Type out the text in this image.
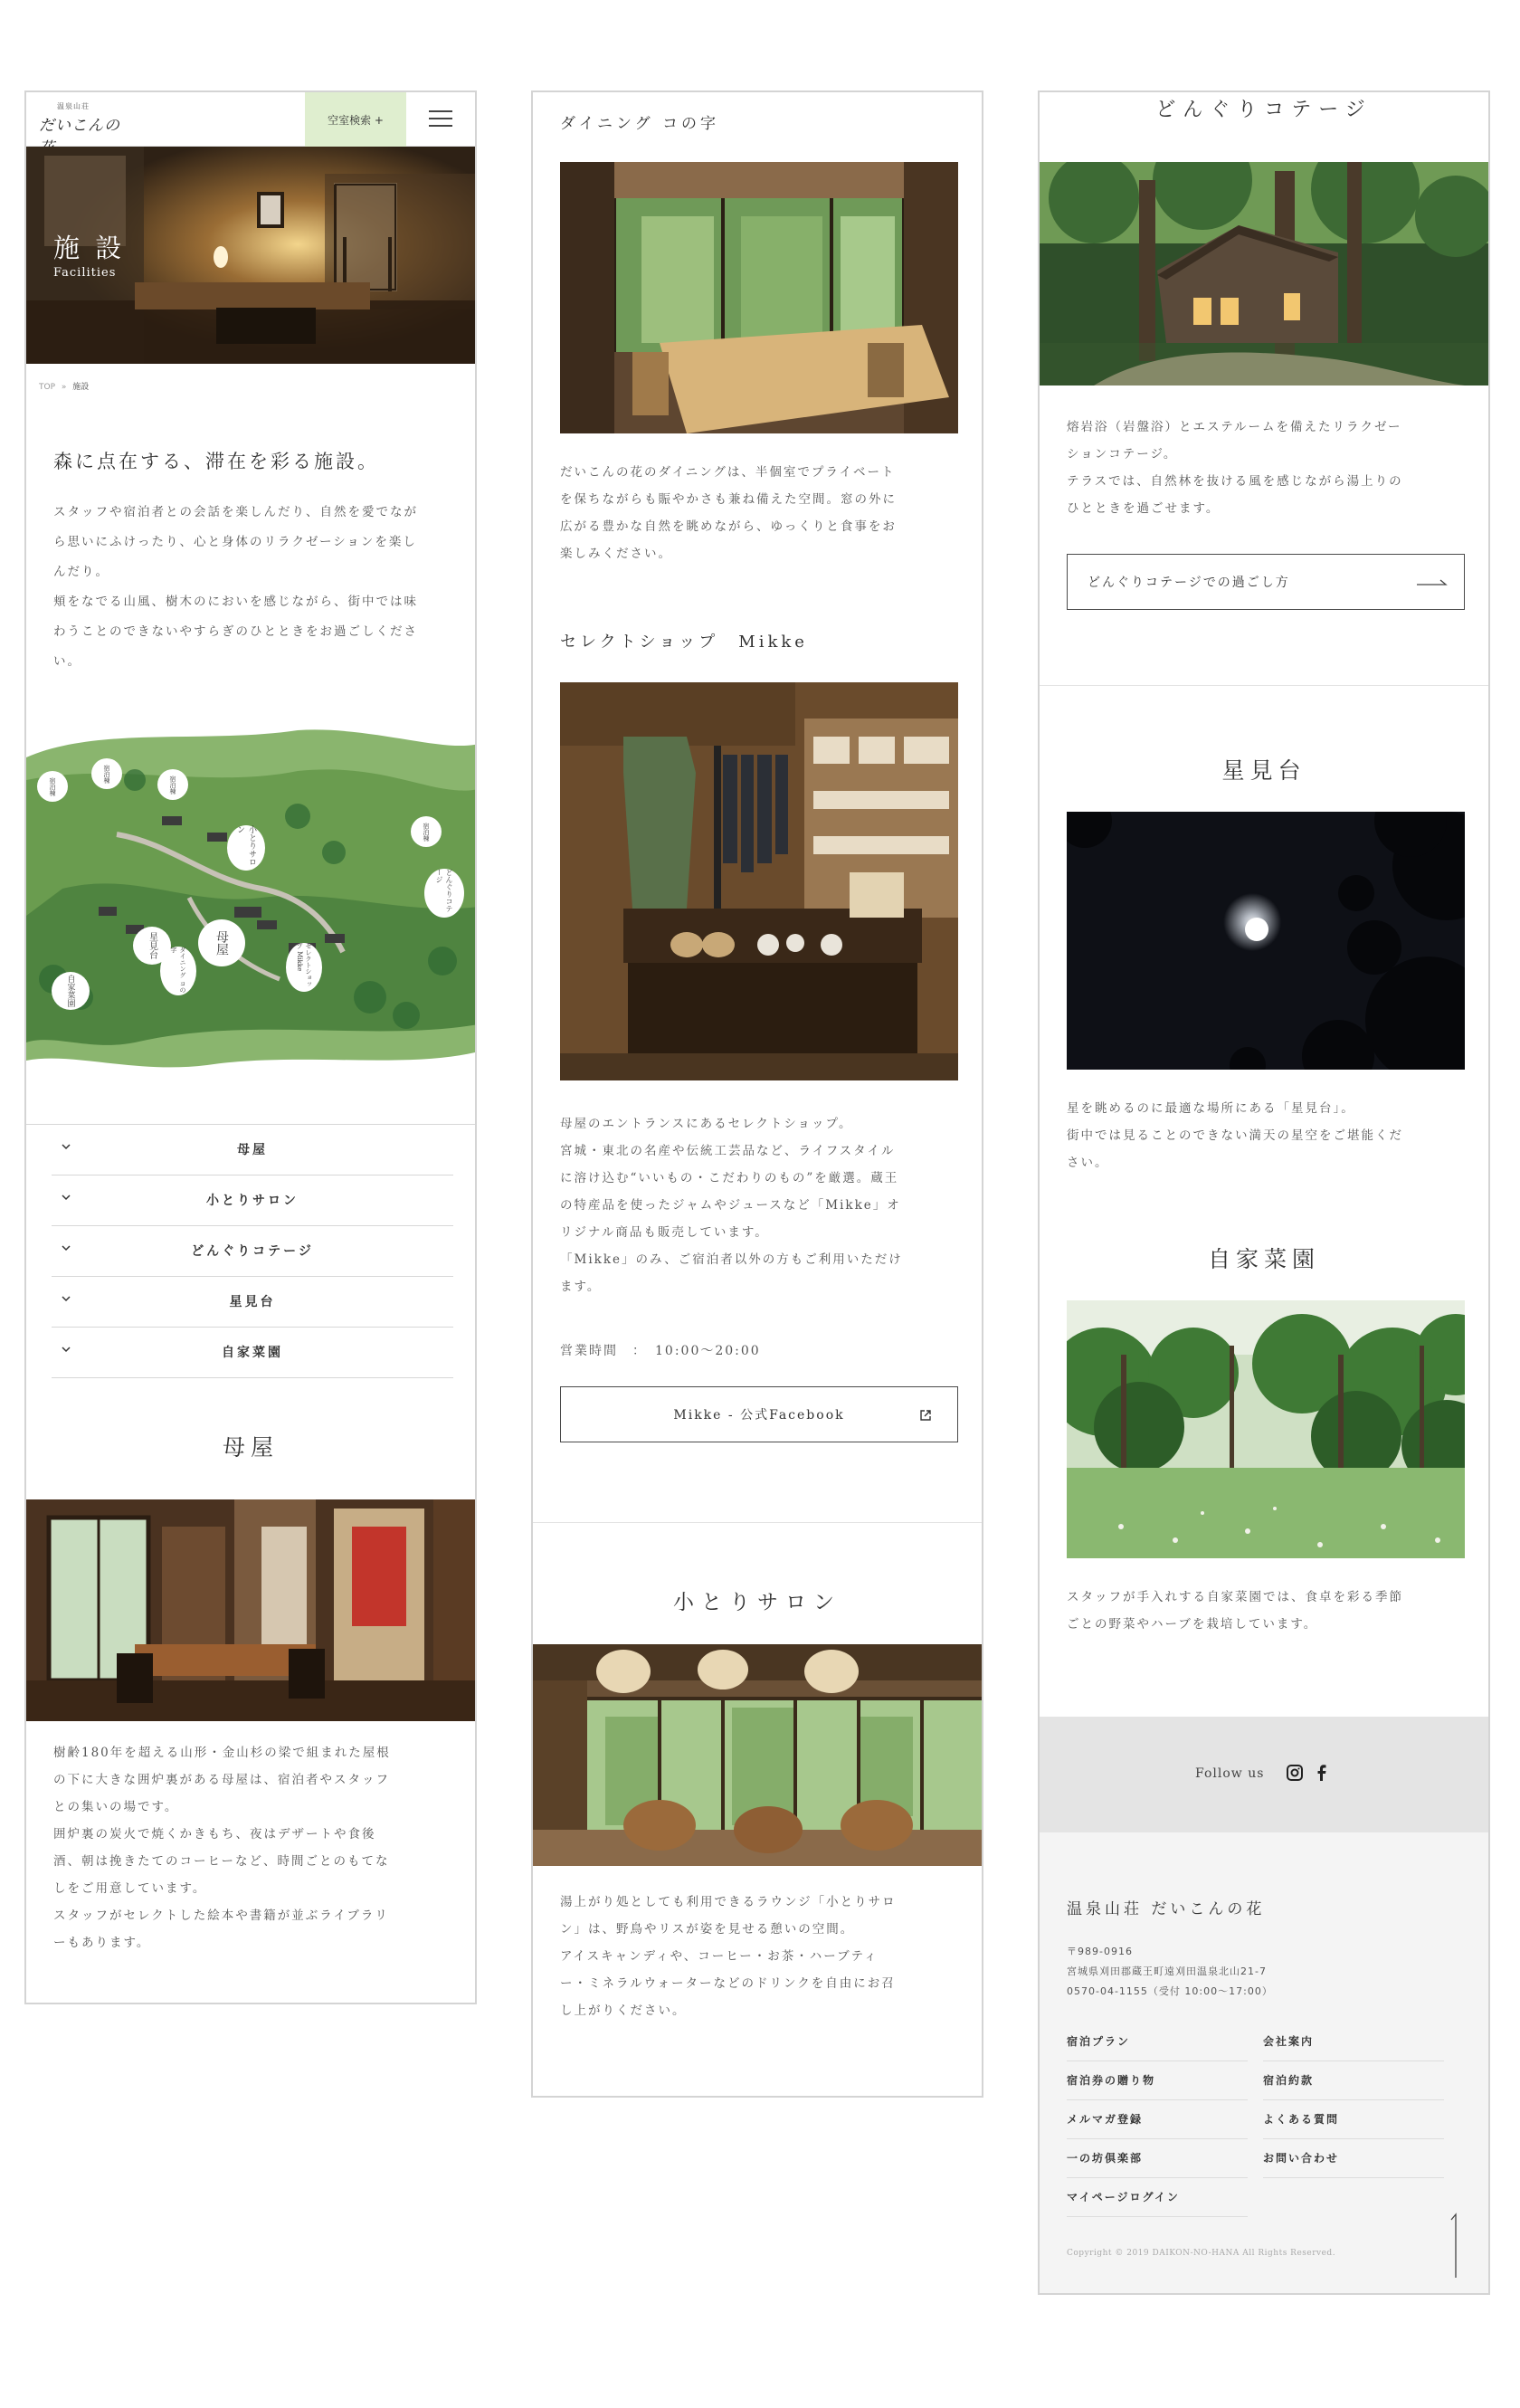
温泉山荘
だいこんの	空室検索 +
施 設
Facilities
TOP » 施設
森に点在する、滞在を彩る施設。
スタッフや宿泊者との会話を楽しんだり、自然を愛でなが
ら思いにふけったり、心と身体のリラクゼーションを楽し
んだり。
頬をなでる山風、樹木のにおいを感じながら、街中では味
わうことのできないやすらぎのひとときをお過ごしくださ
い。
母屋
星見台
自家菜園
小とりサロン
どんぐりコテージ
ダイニング コの字	セレクトショップ Mikke
宿泊棟
宿泊棟
宿泊棟
宿泊棟
母屋
小とりサロン
どんぐりコテージ
星見台
自家菜園
母屋
樹齢180年を超える山形・金山杉の梁で組まれた屋根
の下に大きな囲炉裏がある母屋は、宿泊者やスタッフ
との集いの場です。
囲炉裏の炭火で焼くかきもち、夜はデザートや食後
酒、朝は挽きたてのコーヒーなど、時間ごとのもてな
しをご用意しています。
スタッフがセレクトした絵本や書籍が並ぶライブラリ
ーもあります。
ダイニング コの字
だいこんの花のダイニングは、半個室でプライベート
を保ちながらも賑やかさも兼ね備えた空間。窓の外に
広がる豊かな自然を眺めながら、ゆっくりと食事をお
楽しみください。
セレクトショップ　Mikke
母屋のエントランスにあるセレクトショップ。
宮城・東北の名産や伝統工芸品など、ライフスタイル
に溶け込む“いいもの・こだわりのもの”を厳選。蔵王
の特産品を使ったジャムやジュースなど「Mikke」オ
リジナル商品も販売しています。
「Mikke」のみ、ご宿泊者以外の方もご利用いただけ
ます。
営業時間　：　10:00〜20:00
Mikke - 公式Facebook
小とりサロン
湯上がり処としても利用できるラウンジ「小とりサロ
ン」は、野鳥やリスが姿を見せる憩いの空間。
アイスキャンディや、コーヒー・お茶・ハーブティ
ー・ミネラルウォーターなどのドリンクを自由にお召
し上がりください。
どんぐりコテージ
熔岩浴（岩盤浴）とエステルームを備えたリラクゼー
ションコテージ。
テラスでは、自然林を抜ける風を感じながら湯上りの
ひとときを過ごせます。
どんぐりコテージでの過ごし方
星見台
星を眺めるのに最適な場所にある「星見台」。
街中では見ることのできない満天の星空をご堪能くだ
さい。
自家菜園
スタッフが手入れする自家菜園では、食卓を彩る季節
ごとの野菜やハーブを栽培しています。
Follow us
温泉山荘 だいこんの花
〒989-0916
宮城県刈田郡蔵王町遠刈田温泉北山21-7
0570-04-1155（受付 10:00〜17:00）
宿泊プラン
宿泊券の贈り物
メルマガ登録
一の坊倶楽部
マイページログイン
会社案内
宿泊約款
よくある質問
お問い合わせ
Copyright © 2019 DAIKON-NO-HANA All Rights Reserved.
